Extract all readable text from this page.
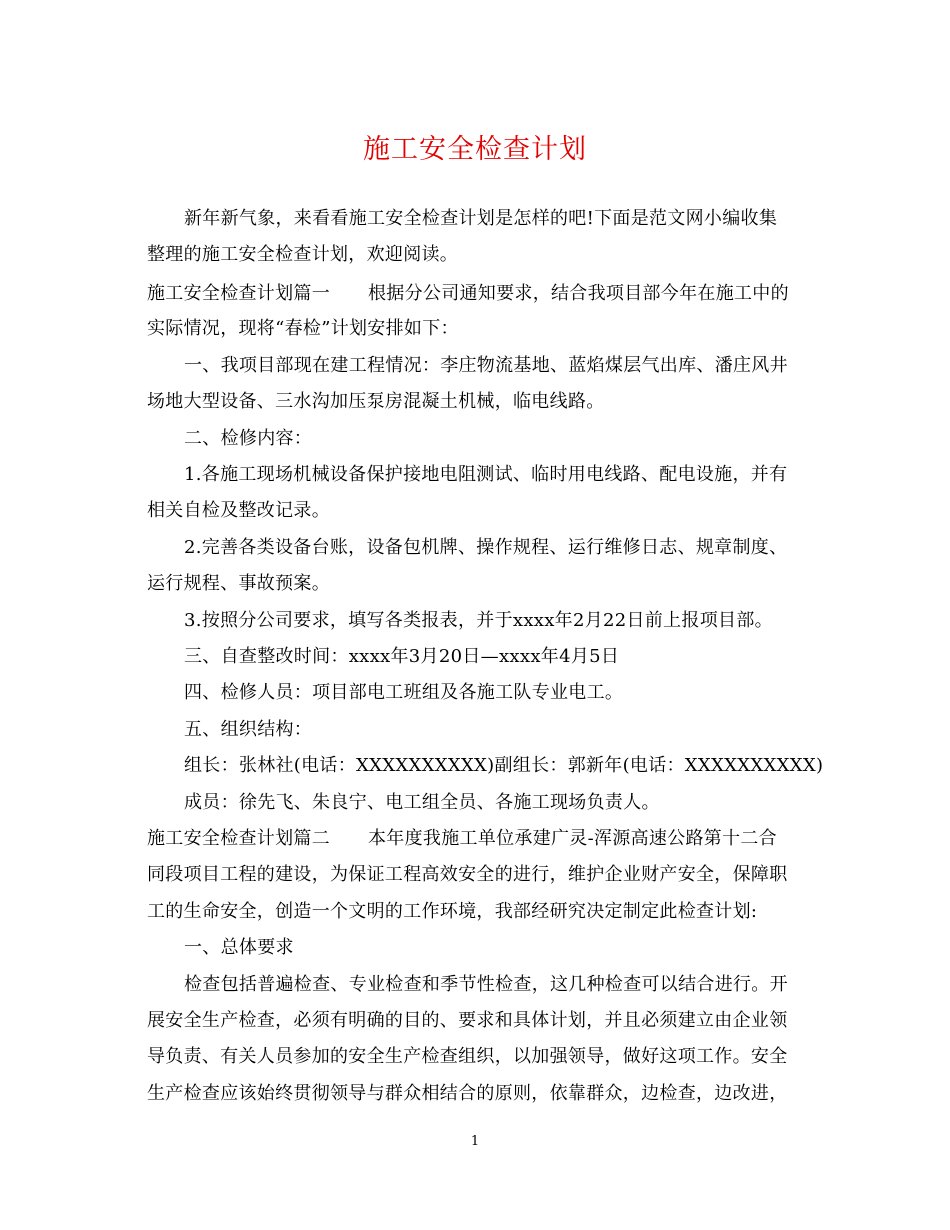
施工安全检查计划
新年新气象，来看看施工安全检查计划是怎样的吧!下面是范文网小编收集
整理的施工安全检查计划，欢迎阅读。
施工安全检查计划篇一 根据分公司通知要求，结合我项目部今年在施工中的
实际情况，现将“春检”计划安排如下：
一、我项目部现在建工程情况：李庄物流基地、蓝焰煤层气出库、潘庄风井
场地大型设备、三水沟加压泵房混凝土机械，临电线路。
二、检修内容：
1.各施工现场机械设备保护接地电阻测试、临时用电线路、配电设施，并有
相关自检及整改记录。
2.完善各类设备台账，设备包机牌、操作规程、运行维修日志、规章制度、
运行规程、事故预案。
3.按照分公司要求，填写各类报表，并于xxxx年2月22日前上报项目部。
三、自查整改时间：xxxx年3月20日—xxxx年4月5日
四、检修人员：项目部电工班组及各施工队专业电工。
五、组织结构：
组长：张林社(电话：XXXXXXXXXX)副组长：郭新年(电话：XXXXXXXXXX)
成员：徐先飞、朱良宁、电工组全员、各施工现场负责人。
施工安全检查计划篇二 本年度我施工单位承建广灵-浑源高速公路第十二合
同段项目工程的建设，为保证工程高效安全的进行，维护企业财产安全，保障职
工的生命安全，创造一个文明的工作环境，我部经研究决定制定此检查计划:
一、总体要求
检查包括普遍检查、专业检查和季节性检查，这几种检查可以结合进行。开
展安全生产检查，必须有明确的目的、要求和具体计划，并且必须建立由企业领
导负责、有关人员参加的安全生产检查组织，以加强领导，做好这项工作。安全
生产检查应该始终贯彻领导与群众相结合的原则，依靠群众，边检查，边改进，
1
